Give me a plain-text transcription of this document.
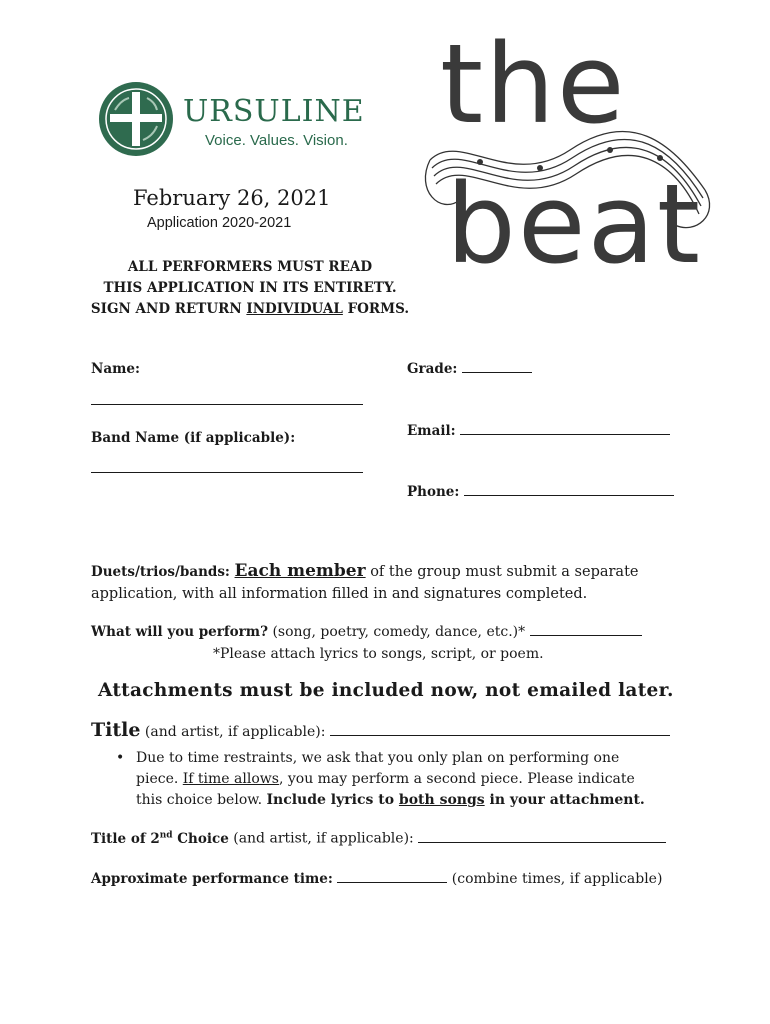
URSULINE
Voice. Values. Vision. the
beat
February 26, 2021
Application 2020-2021
ALL PERFORMERS MUST READ
THIS APPLICATION IN ITS ENTIRETY.
SIGN AND RETURN INDIVIDUAL FORMS.
Name:	Grade:
Band Name (if applicable):	Email:
Phone:
Duets/trios/bands: Each member of the group must submit a separate
application, with all information filled in and signatures completed.
What will you perform? (song, poetry, comedy, dance, etc.)*
*Please attach lyrics to songs, script, or poem.
Attachments must be included now, not emailed later.
Title (and artist, if applicable):
• Due to time restraints, we ask that you only plan on performing one
piece. If time allows, you may perform a second piece. Please indicate
this choice below. Include lyrics to both songs in your attachment.
Title of 2nd Choice (and artist, if applicable):
Approximate performance time:	(combine times, if applicable)
